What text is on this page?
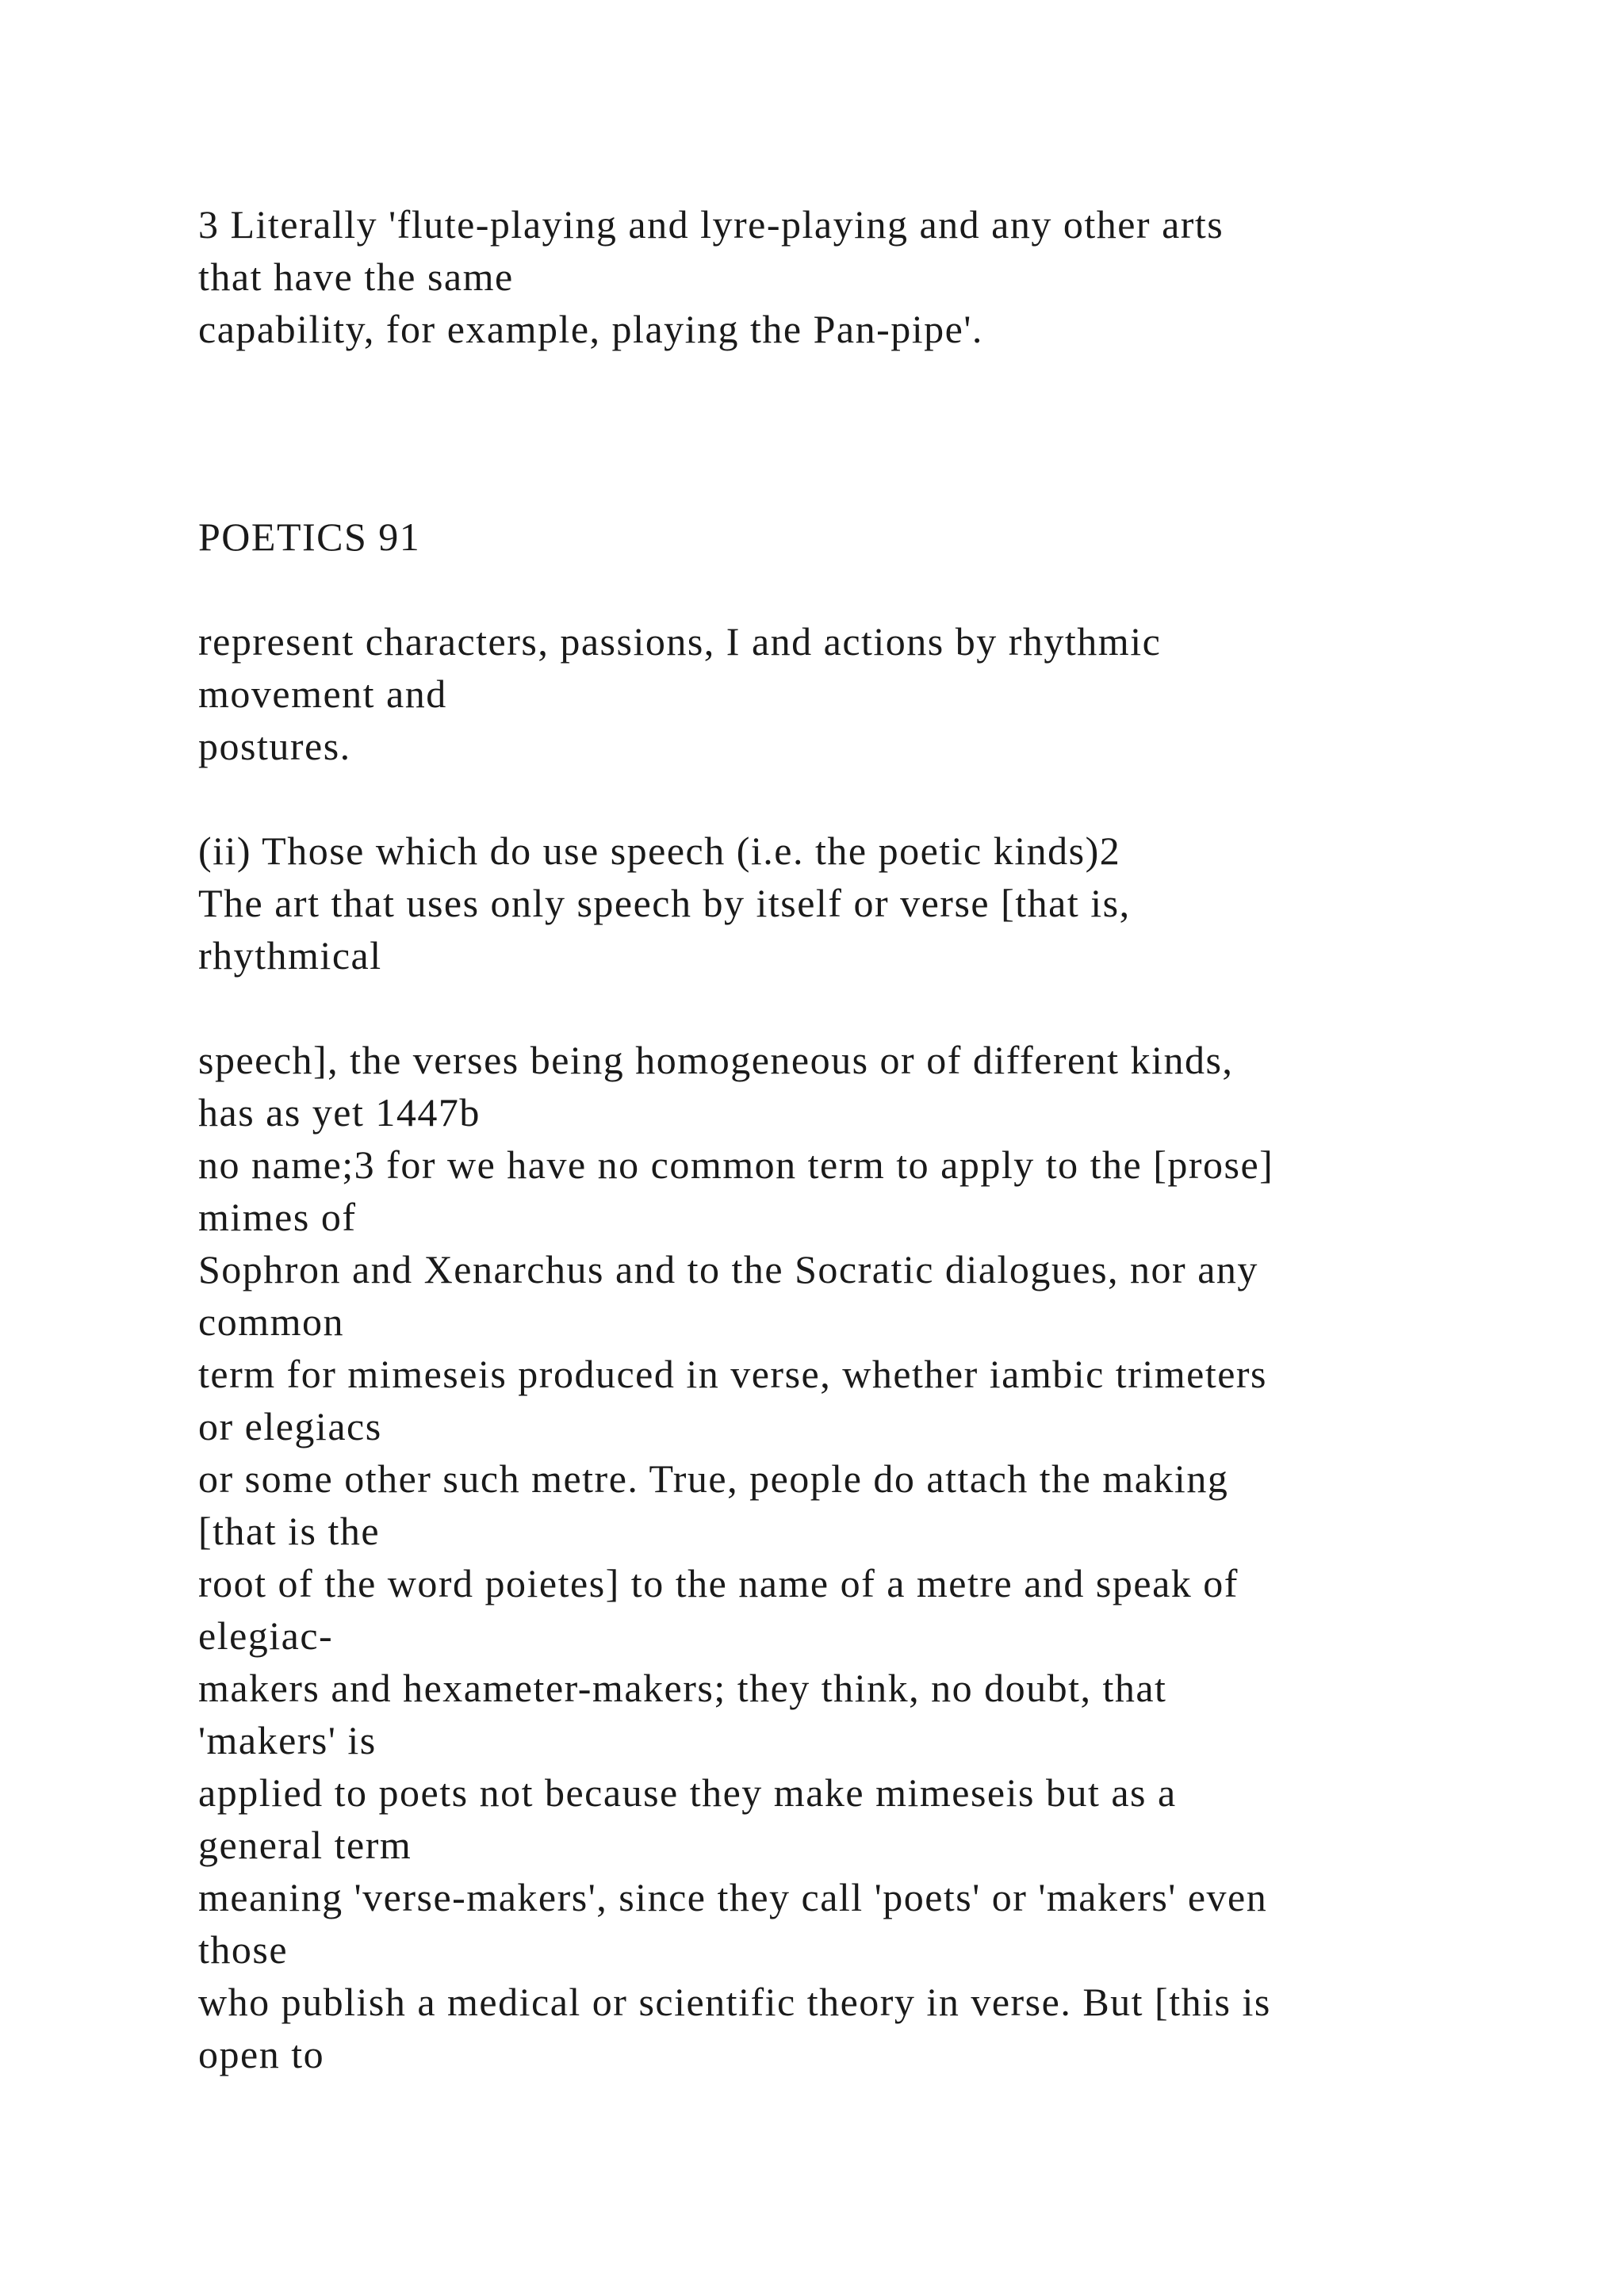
3 Literally 'flute-playing and lyre-playing and any other arts

that have the same

capability, for example, playing the Pan-pipe'.

POETICS 91

represent characters, passions, I and actions by rhythmic

movement and

postures.

(ii) Those which do use speech (i.e. the poetic kinds)2

The art that uses only speech by itself or verse [that is,

rhythmical

speech], the verses being homogeneous or of different kinds,

has as yet 1447b

no name;3 for we have no common term to apply to the [prose]

mimes of

Sophron and Xenarchus and to the Socratic dialogues, nor any

common

term for mimeseis produced in verse, whether iambic trimeters

or elegiacs

or some other such metre. True, people do attach the making

[that is the

root of the word poietes] to the name of a metre and speak of

elegiac-

makers and hexameter-makers; they think, no doubt, that

'makers' is

applied to poets not because they make mimeseis but as a

general term

meaning 'verse-makers', since they call 'poets' or 'makers' even

those

who publish a medical or scientific theory in verse. But [this is

open to
